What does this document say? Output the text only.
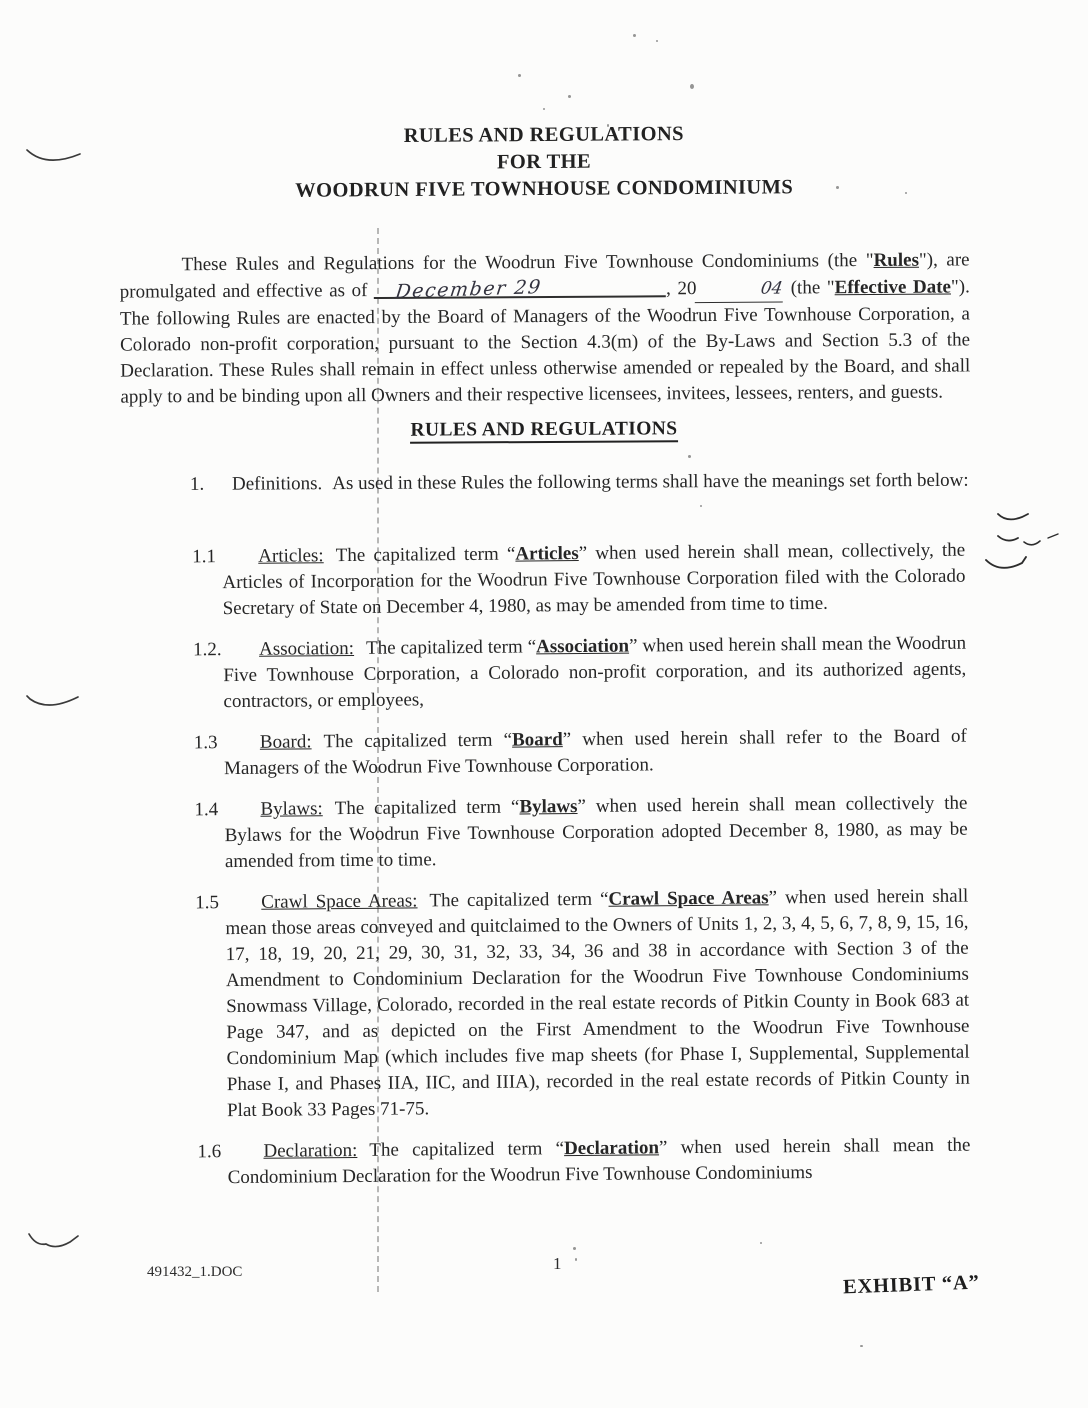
RULES AND REGULATIONS
FOR THE
WOODRUN FIVE TOWNHOUSE CONDOMINIUMS

These Rules and Regulations for the Woodrun Five Townhouse Condominiums (the "Rules"), are promulgated and effective as of December 29	, 20	04 (the "Effective Date"). The following Rules are enacted by the Board of Managers of the Woodrun Five Townhouse Corporation, a Colorado non-profit corporation, pursuant to the Section 4.3(m) of the By-Laws and Section 5.3 of the Declaration. These Rules shall remain in effect unless otherwise amended or repealed by the Board, and shall apply to and be binding upon all Owners and their respective licensees, invitees, lessees, renters, and guests.

RULES AND REGULATIONS

1. Definitions. As used in these Rules the following terms shall have the meanings set forth below:

1.1 Articles: The capitalized term “Articles” when used herein shall mean, collectively, the Articles of Incorporation for the Woodrun Five Townhouse Corporation filed with the Colorado Secretary of State on December 4, 1980, as may be amended from time to time.

1.2. Association: The capitalized term “Association” when used herein shall mean the Woodrun Five Townhouse Corporation, a Colorado non-profit corporation, and its authorized agents, contractors, or employees,

1.3 Board: The capitalized term “Board” when used herein shall refer to the Board of Managers of the Woodrun Five Townhouse Corporation.

1.4 Bylaws: The capitalized term “Bylaws” when used herein shall mean collectively the Bylaws for the Woodrun Five Townhouse Corporation adopted December 8, 1980, as may be amended from time to time.

1.5 Crawl Space Areas: The capitalized term “Crawl Space Areas” when used herein shall mean those areas conveyed and quitclaimed to the Owners of Units 1, 2, 3, 4, 5, 6, 7, 8, 9, 15, 16, 17, 18, 19, 20, 21, 29, 30, 31, 32, 33, 34, 36 and 38 in accordance with Section 3 of the Amendment to Condominium Declaration for the Woodrun Five Townhouse Condominiums Snowmass Village, Colorado, recorded in the real estate records of Pitkin County in Book 683 at Page 347, and as depicted on the First Amendment to the Woodrun Five Townhouse Condominium Map (which includes five map sheets (for Phase I, Supplemental, Supplemental Phase I, and Phases IIA, IIC, and IIIA), recorded in the real estate records of Pitkin County in Plat Book 33 Pages 71-75.

1.6 Declaration: The capitalized term “Declaration” when used herein shall mean the Condominium Declaration for the Woodrun Five Townhouse Condominiums

491432_1.DOC	1
EXHIBIT “A”
